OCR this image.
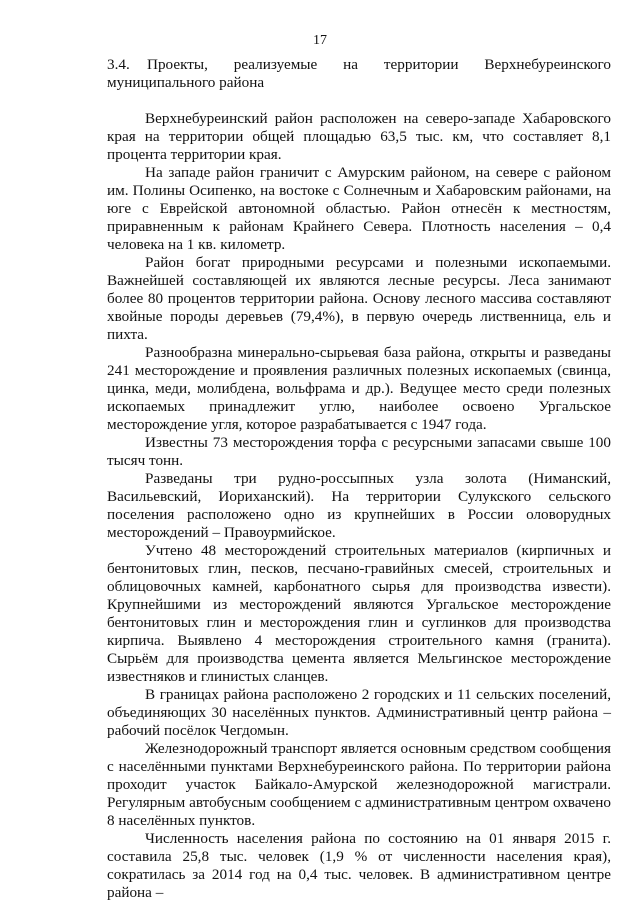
17

3.4. Проекты, реализуемые на территории Верхнебуреинского муниципального района

Верхнебуреинский район расположен на северо-западе Хабаровского края на территории общей площадью 63,5 тыс. км, что составляет 8,1 процента территории края.

На западе район граничит с Амурским районом, на севере с районом им. Полины Осипенко, на востоке с Солнечным и Хабаровским районами, на юге с Еврейской автономной областью. Район отнесён к местностям, приравненным к районам Крайнего Севера. Плотность населения – 0,4 человека на 1 кв. километр.

Район богат природными ресурсами и полезными ископаемыми. Важнейшей составляющей их являются лесные ресурсы. Леса занимают более 80 процентов территории района. Основу лесного массива составляют хвойные породы деревьев (79,4%), в первую очередь лиственница, ель и пихта.

Разнообразна минерально-сырьевая база района, открыты и разведаны 241 месторождение и проявления различных полезных ископаемых (свинца, цинка, меди, молибдена, вольфрама и др.). Ведущее место среди полезных ископаемых принадлежит углю, наиболее освоено Ургальское месторождение угля, которое разрабатывается с 1947 года.

Известны 73 месторождения торфа с ресурсными запасами свыше 100 тысяч тонн.

Разведаны три рудно-россыпных узла золота (Ниманский, Васильевский, Иориханский). На территории Сулукского сельского поселения расположено одно из крупнейших в России оловорудных месторождений – Правоурмийское.

Учтено 48 месторождений строительных материалов (кирпичных и бентонитовых глин, песков, песчано-гравийных смесей, строительных и облицовочных камней, карбонатного сырья для производства извести). Крупнейшими из месторождений являются Ургальское месторождение бентонитовых глин и месторождения глин и суглинков для производства кирпича. Выявлено 4 месторождения строительного камня (гранита). Сырьём для производства цемента является Мельгинское месторождение известняков и глинистых сланцев.

В границах района расположено 2 городских и 11 сельских поселений, объединяющих 30 населённых пунктов. Административный центр района – рабочий посёлок Чегдомын.

Железнодорожный транспорт является основным средством сообщения с населёнными пунктами Верхнебуреинского района. По территории района проходит участок Байкало-Амурской железнодорожной магистрали. Регулярным автобусным сообщением с административным центром охвачено 8 населённых пунктов.

Численность населения района по состоянию на 01 января 2015 г. составила 25,8 тыс. человек (1,9 % от численности населения края), сократилась за 2014 год на 0,4 тыс. человек. В административном центре района –
